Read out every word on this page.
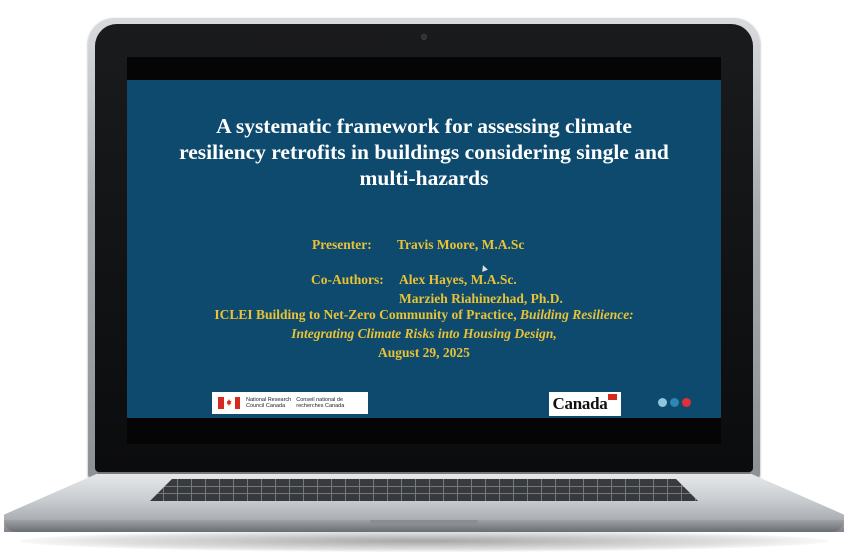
A systematic framework for assessing climate
resiliency retrofits in buildings considering single and
multi-hazards
Presenter: Travis Moore, M.A.Sc
Co-Authors: Alex Hayes, M.A.Sc.
Marzieh Riahinezhad, Ph.D.
ICLEI Building to Net-Zero Community of Practice, Building Resilience:
Integrating Climate Risks into Housing Design,
August 29, 2025
National Research
Council Canada
Conseil national de
recherches Canada	Canada
